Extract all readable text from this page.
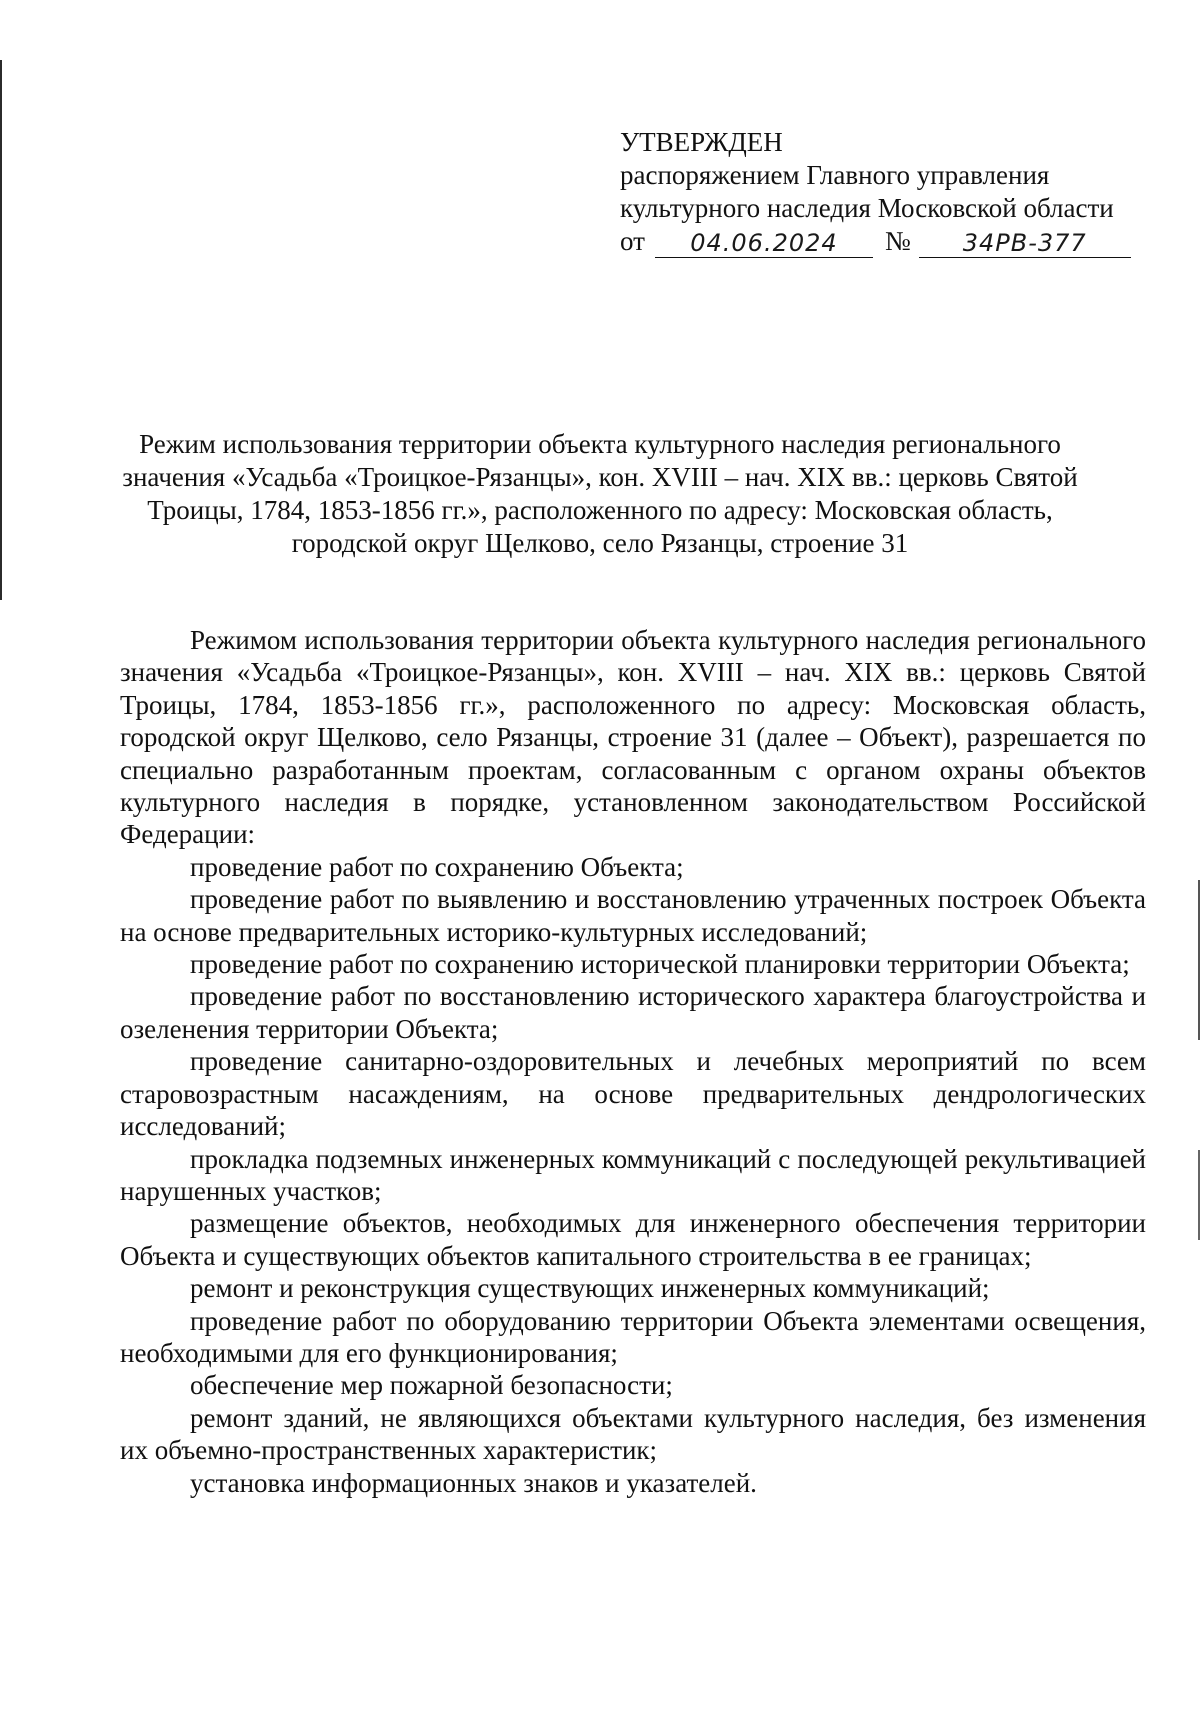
УТВЕРЖДЕН
распоряжением Главного управления
культурного наследия Московской области
от	04.06.2024	№	34РВ-377
Режим использования территории объекта культурного наследия регионального значения «Усадьба «Троицкое-Рязанцы», кон. XVIII – нач. XIX вв.: церковь Святой Троицы, 1784, 1853-1856 гг.», расположенного по адресу: Московская область, городской округ Щелково, село Рязанцы, строение 31

Режимом использования территории объекта культурного наследия регионального значения «Усадьба «Троицкое-Рязанцы», кон. XVIII – нач. XIX вв.: церковь Святой Троицы, 1784, 1853-1856 гг.», расположенного по адресу: Московская область, городской округ Щелково, село Рязанцы, строение 31 (далее – Объект), разрешается по специально разработанным проектам, согласованным с органом охраны объектов культурного наследия в порядке, установленном законодательством Российской Федерации:

проведение работ по сохранению Объекта;

проведение работ по выявлению и восстановлению утраченных построек Объекта на основе предварительных историко-культурных исследований;

проведение работ по сохранению исторической планировки территории Объекта;

проведение работ по восстановлению исторического характера благоустройства и озеленения территории Объекта;

проведение санитарно-оздоровительных и лечебных мероприятий по всем старовозрастным насаждениям, на основе предварительных дендрологических исследований;

прокладка подземных инженерных коммуникаций с последующей рекультивацией нарушенных участков;

размещение объектов, необходимых для инженерного обеспечения территории Объекта и существующих объектов капитального строительства в ее границах;

ремонт и реконструкция существующих инженерных коммуникаций;

проведение работ по оборудованию территории Объекта элементами освещения, необходимыми для его функционирования;

обеспечение мер пожарной безопасности;

ремонт зданий, не являющихся объектами культурного наследия, без изменения их объемно-пространственных характеристик;

установка информационных знаков и указателей.
